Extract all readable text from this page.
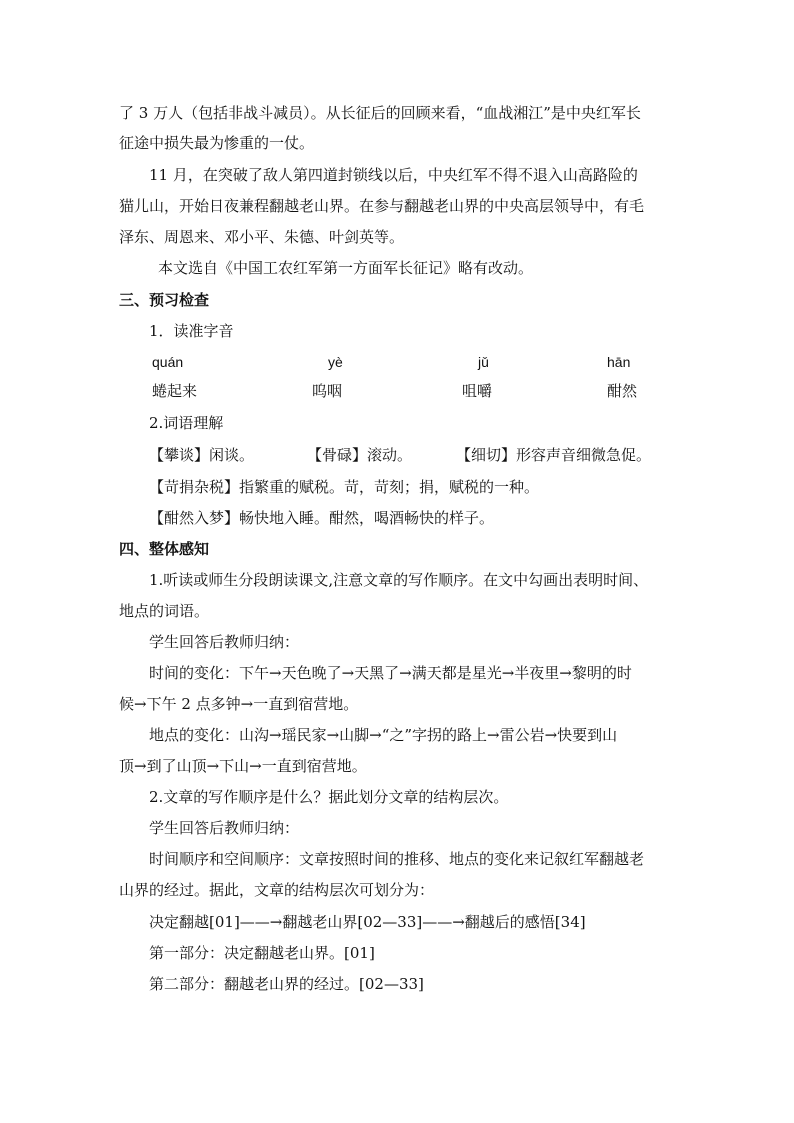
了 3 万人（包括非战斗减员）。从长征后的回顾来看，“血战湘江”是中央红军长
征途中损失最为惨重的一仗。
11 月，在突破了敌人第四道封锁线以后，中央红军不得不退入山高路险的
猫儿山，开始日夜兼程翻越老山界。在参与翻越老山界的中央高层领导中，有毛
泽东、周恩来、邓小平、朱德、叶剑英等。
本文选自《中国工农红军第一方面军长征记》略有改动。
三、预习检查
1．读准字音
quán	yè	jǔ	hān
蜷起来	呜咽	咀嚼	酣然
2.词语理解
【攀谈】闲谈。	【骨碌】滚动。	【细切】形容声音细微急促。
【苛捐杂税】指繁重的赋税。苛，苛刻；捐，赋税的一种。
【酣然入梦】畅快地入睡。酣然，喝酒畅快的样子。
四、整体感知
1.听读或师生分段朗读课文,注意文章的写作顺序。在文中勾画出表明时间、
地点的词语。
学生回答后教师归纳：
时间的变化：下午→天色晚了→天黑了→满天都是星光→半夜里→黎明的时
候→下午 2 点多钟→一直到宿营地。
地点的变化：山沟→瑶民家→山脚→“之”字拐的路上→雷公岩→快要到山
顶→到了山顶→下山→一直到宿营地。
2.文章的写作顺序是什么？据此划分文章的结构层次。
学生回答后教师归纳：
时间顺序和空间顺序：文章按照时间的推移、地点的变化来记叙红军翻越老
山界的经过。据此，文章的结构层次可划分为：
决定翻越[01]——→翻越老山界[02—33]——→翻越后的感悟[34]
第一部分：决定翻越老山界。[01]
第二部分：翻越老山界的经过。[02—33]
